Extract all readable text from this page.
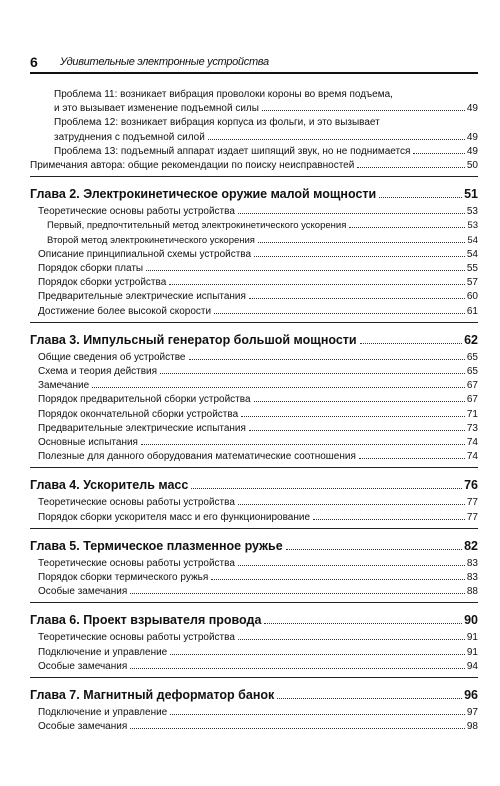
6 Удивительные электронные устройства
Проблема 11: возникает вибрация проволоки короны во время подъема,
и это вызывает изменение подъемной силы	49
Проблема 12: возникает вибрация корпуса из фольги, и это вызывает
затруднения с подъемной силой	49
Проблема 13: подъемный аппарат издает шипящий звук, но не поднимается	49
Примечания автора: общие рекомендации по поиску неисправностей	50
Глава 2. Электрокинетическое оружие малой мощности	51
Теоретические основы работы устройства	53
Первый, предпочтительный метод электрокинетического ускорения	53
Второй метод электрокинетического ускорения	54
Описание принципиальной схемы устройства	54
Порядок сборки платы	55
Порядок сборки устройства	57
Предварительные электрические испытания	60
Достижение более высокой скорости	61
Глава 3. Импульсный генератор большой мощности	62
Общие сведения об устройстве	65
Схема и теория действия	65
Замечание	67
Порядок предварительной сборки устройства	67
Порядок окончательной сборки устройства	71
Предварительные электрические испытания	73
Основные испытания	74
Полезные для данного оборудования математические соотношения	74
Глава 4. Ускоритель масс	76
Теоретические основы работы устройства	77
Порядок сборки ускорителя масс и его функционирование	77
Глава 5. Термическое плазменное ружье	82
Теоретические основы работы устройства	83
Порядок сборки термического ружья	83
Особые замечания	88
Глава 6. Проект взрывателя провода	90
Теоретические основы работы устройства	91
Подключение и управление	91
Особые замечания	94
Глава 7. Магнитный деформатор банок	96
Подключение и управление	97
Особые замечания	98
